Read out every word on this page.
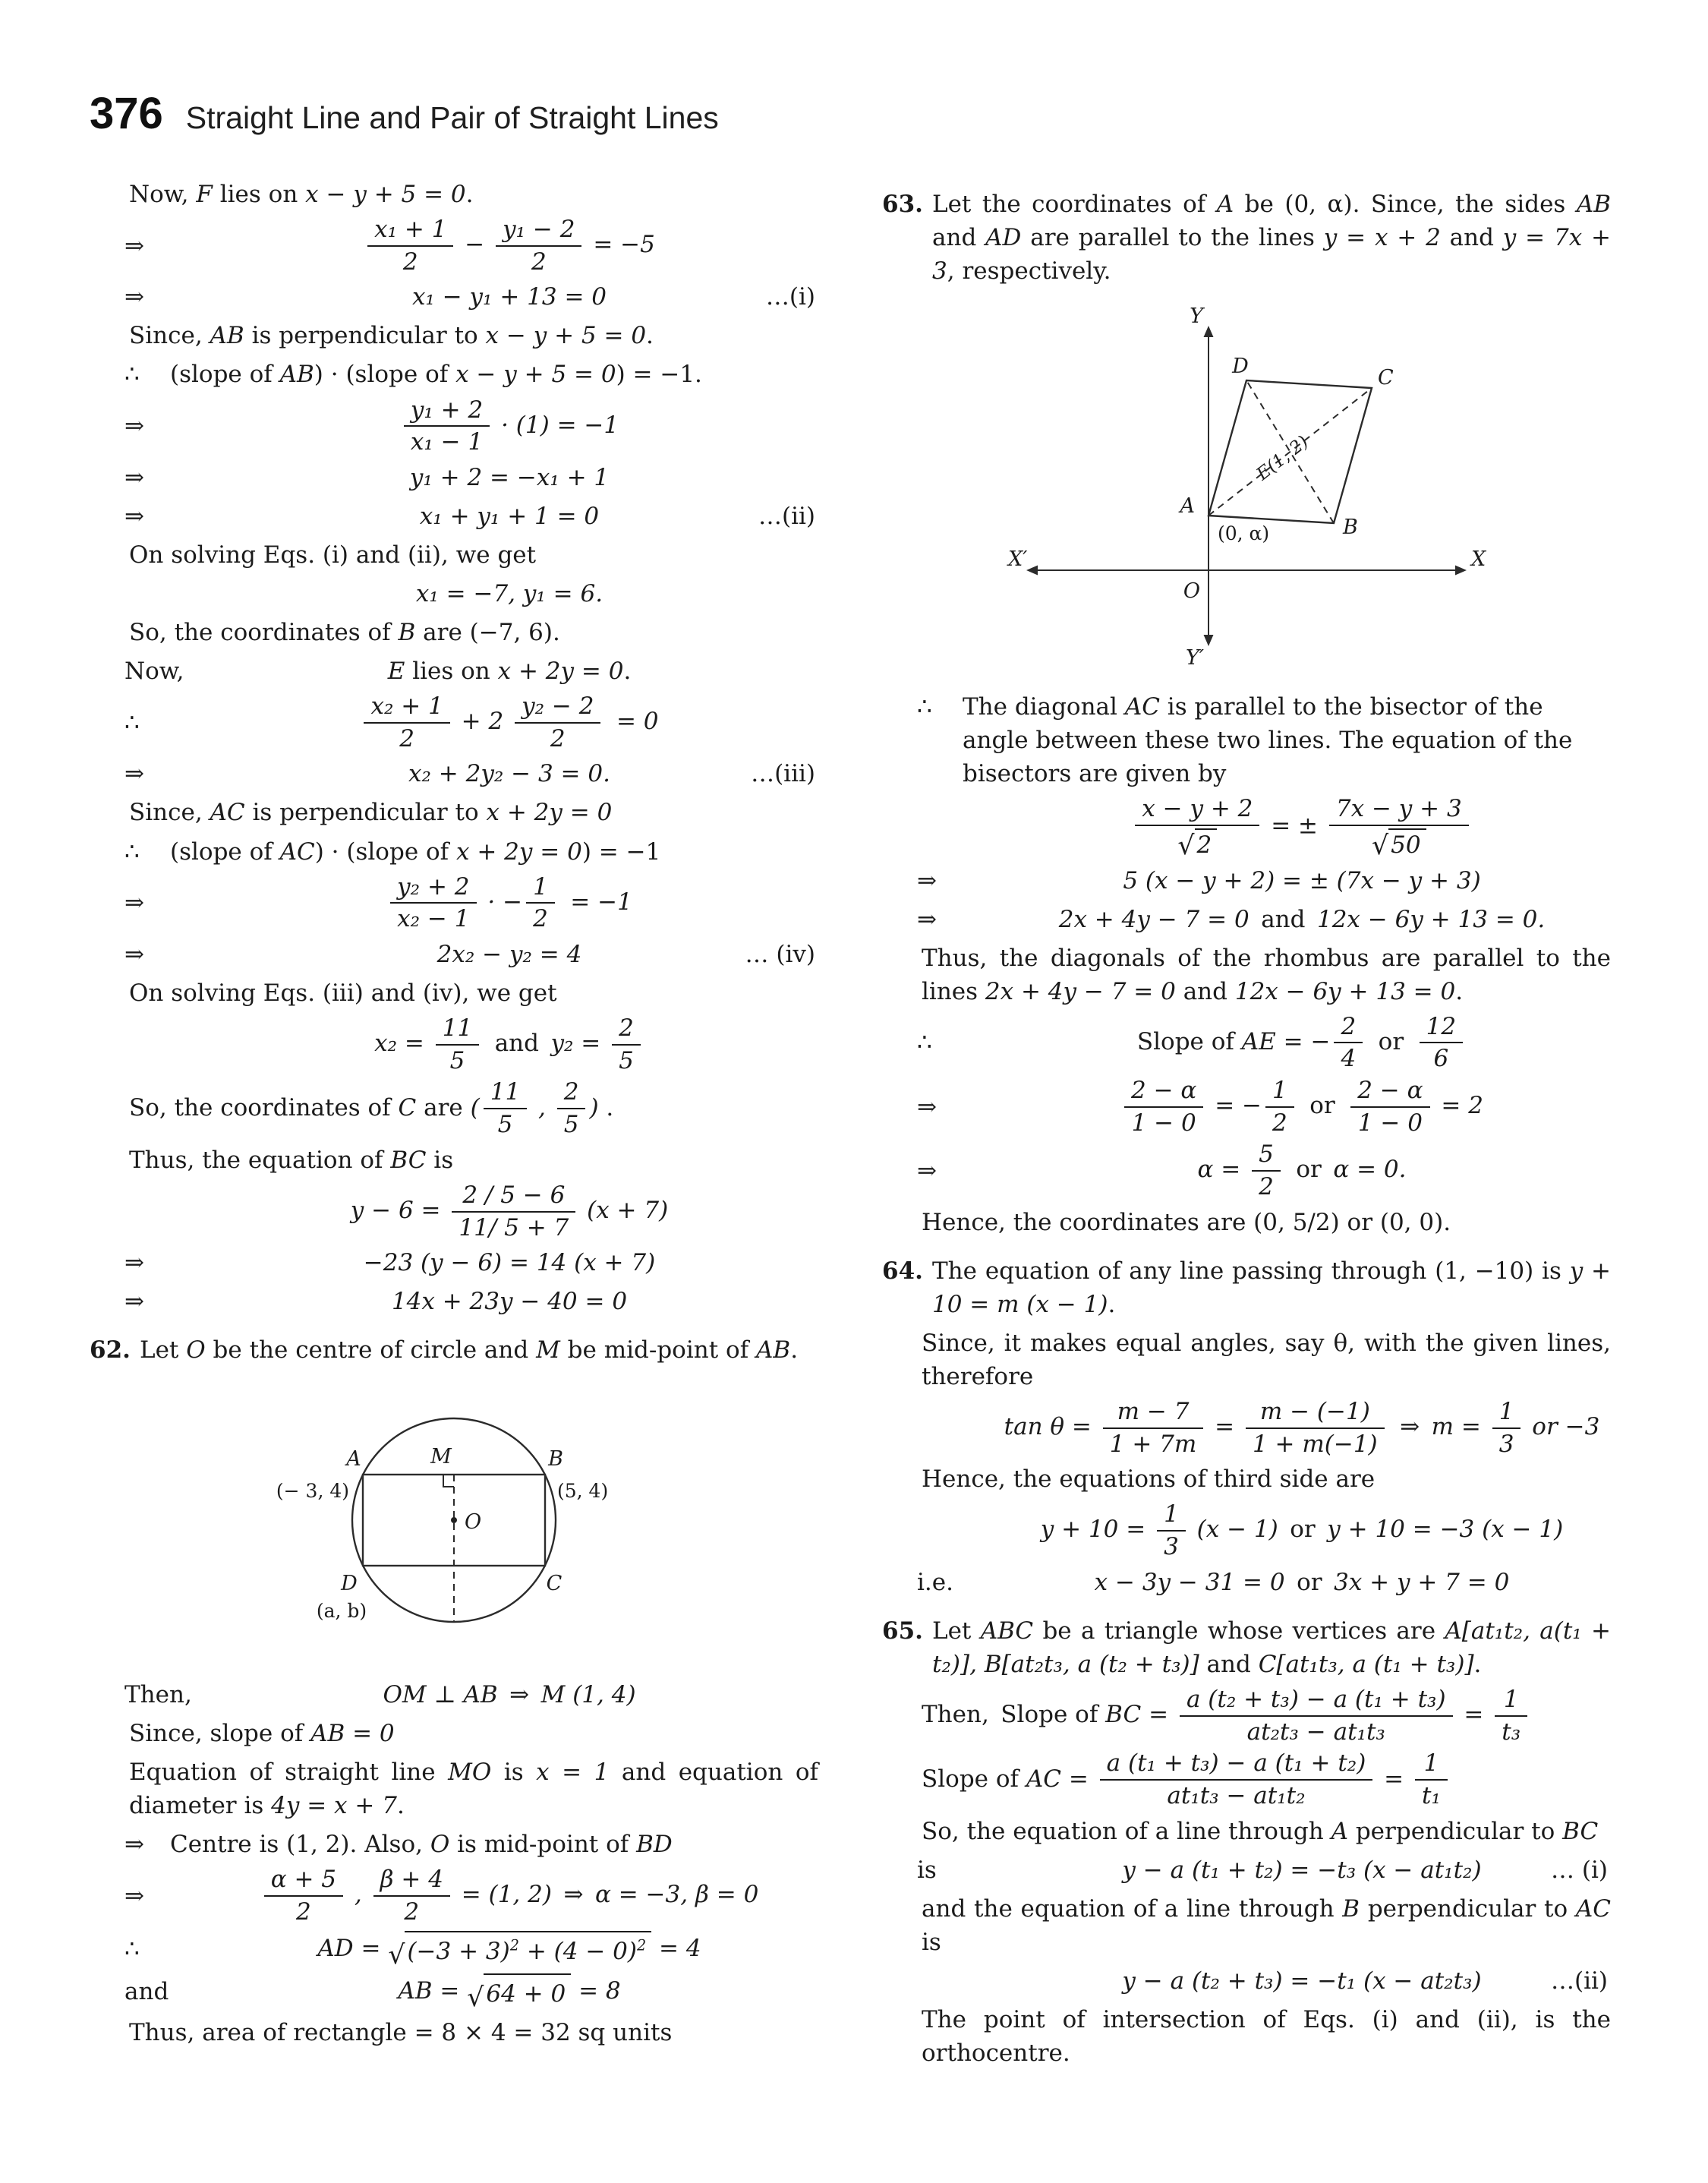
376 Straight Line and Pair of Straight Lines
Now, F lies on x − y + 5 = 0.
⇒	$\frac{\text{x₁ + 1}}{2} - \frac{\text{y₁ − 2}}{2} = -5$
⇒	x₁ − y₁ + 13 = 0	…(i)
Since, AB is perpendicular to x − y + 5 = 0.
∴ (slope of AB) · (slope of x − y + 5 = 0) = −1.
⇒	$\frac{\text{y₁ + 2}}{\text{x₁ − 1}} \cdot (1) = -1$
⇒	y₁ + 2 = −x₁ + 1
⇒	x₁ + y₁ + 1 = 0	…(ii)
On solving Eqs. (i) and (ii), we get
x₁ = −7, y₁ = 6.
So, the coordinates of B are (−7, 6).
Now,	E lies on x + 2y = 0.
∴	$\frac{\text{x₂ + 1}}{2} + 2 \frac{\text{y₂ − 2}}{2}$  = 0
⇒	x₂ + 2y₂ − 3 = 0.	…(iii)
Since, AC is perpendicular to x + 2y = 0
∴ (slope of AC) · (slope of x + 2y = 0) = −1
⇒	$\frac{\text{y₂ + 2}}{\text{x₂ − 1}}$ · − $\frac{1}{2}$  = −1
⇒	2x₂ − y₂ = 4	… (iv)
On solving Eqs. (iii) and (iv), we get
$x_2 = \frac{11}{5}$  and $y_2 = \frac{2}{5}$
So, the coordinates of C are ( $\frac{11}{5}$ , $\frac{2}{5}$ ) .
Thus, the equation of BC is
$y - 6 = \frac{2 / 5 - 6}{11/ 5 + 7} (x + 7)$
⇒	−23 (y − 6) = 14 (x + 7)
⇒	14x + 23y − 40 = 0
62. Let O be the centre of circle and M be mid-point of AB.
A
(− 3, 4)
M	B
(5, 4)
O
D
(a, b)
C
Then,	OM ⊥ AB ⇒ M (1, 4)
Since, slope of AB = 0
Equation of straight line MO is x = 1 and equation of diameter is 4y = x + 7.
⇒ Centre is (1, 2). Also, O is mid-point of BD
⇒	$\frac{\alpha + 5}{2}$ , $\frac{\beta + 4}{2} = (1$, 2) ⇒ α = −3, β = 0
∴	AD = √ $(-3 + 3)^2 + (4 - 0)^2 = 4$
and	AB = √ 64 + 0 = 8
Thus, area of rectangle = 8 × 4 = 32 sq units
63. Let the coordinates of A be (0, α). Since, the sides AB and AD are parallel to the lines y = x + 2 and y = 7x + 3, respectively.
E(1, 2)
Y
Y′
X
X′
O
A
(0, α)	B
C
D
∴ The diagonal AC is parallel to the bisector of the angle between these two lines. The equation of the bisectors are given by
$\frac{x - y + 2}{√ 2}$ = ± $\frac{7x - y + 3}{√ 50}$
⇒	5 (x − y + 2) = ± (7x − y + 3)
⇒	2x + 4y − 7 = 0 and 12x − 6y + 13 = 0.
Thus, the diagonals of the rhombus are parallel to the lines 2x + 4y − 7 = 0 and 12x − 6y + 13 = 0.
∴	Slope of AE = − $\frac{2}{4}$  or  $\frac{12}{6}$
⇒	$\frac{2 - \alpha}{1 - 0}$ = − $\frac{1}{2}$  or  $\frac{2 - \alpha}{1 - 0} = 2$
⇒	$\alpha = \frac{5}{2}$  or α = 0.
Hence, the coordinates are (0, 5/2) or (0, 0).
64. The equation of any line passing through (1, −10) is y + 10 = m (x − 1).
Since, it makes equal angles, say θ, with the given lines, therefore
$\tan \theta = \frac{m - 7}{1 + 7m} = \frac{m - (-1)}{1 + m(-1)}$  ⇒ $m = \frac{1}{3}$ or −3
Hence, the equations of third side are
$y + 10 = \frac{1}{3} (x - 1)$ or y + 10 = −3 (x − 1)
i.e.	x − 3y − 31 = 0 or 3x + y + 7 = 0
65. Let ABC be a triangle whose vertices are A[at₁t₂, a(t₁ + t₂)], B[at₂t₃, a (t₂ + t₃)] and C[at₁t₃, a (t₁ + t₃)].
Then, Slope of BC = $\frac{\text{a (t₂ + t₃) − a (t₁ + t₃)}}{\text{at₂t₃ − at₁t₃}} = \frac{1}{\text{t₃}}$
Slope of AC = $\frac{\text{a (t₁ + t₃) − a (t₁ + t₂)}}{\text{at₁t₃ − at₁t₂}} = \frac{1}{\text{t₁}}$
So, the equation of a line through A perpendicular to BC
is	y − a (t₁ + t₂) = −t₃ (x − at₁t₂)	… (i)
and the equation of a line through B perpendicular to AC is
y − a (t₂ + t₃) = −t₁ (x − at₂t₃)	…(ii)
The point of intersection of Eqs. (i) and (ii), is the orthocentre.
